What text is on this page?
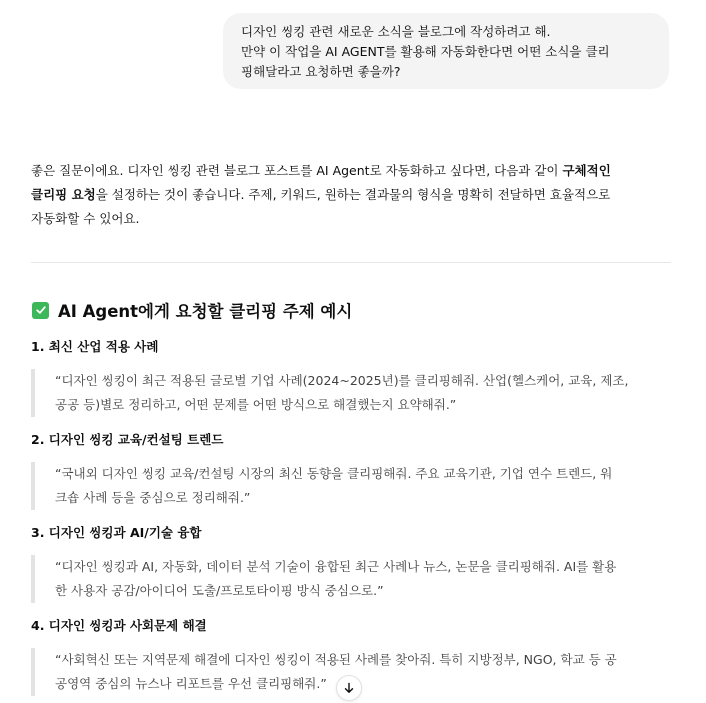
디자인 씽킹 관련 새로운 소식을 블로그에 작성하려고 해.

만약 이 작업을 AI AGENT를 활용해 자동화한다면 어떤 소식을 클리

핑해달라고 요청하면 좋을까?

좋은 질문이에요. 디자인 씽킹 관련 블로그 포스트를 AI Agent로 자동화하고 싶다면, 다음과 같이 구체적인

클리핑 요청을 설정하는 것이 좋습니다. 주제, 키워드, 원하는 결과물의 형식을 명확히 전달하면 효율적으로

자동화할 수 있어요.

AI Agent에게 요청할 클리핑 주제 예시
1. 최신 산업 적용 사례

“디자인 씽킹이 최근 적용된 글로벌 기업 사례(2024~2025년)를 클리핑해줘. 산업(헬스케어, 교육, 제조,

공공 등)별로 정리하고, 어떤 문제를 어떤 방식으로 해결했는지 요약해줘.”

2. 디자인 씽킹 교육/컨설팅 트렌드

“국내외 디자인 씽킹 교육/컨설팅 시장의 최신 동향을 클리핑해줘. 주요 교육기관, 기업 연수 트렌드, 워

크숍 사례 등을 중심으로 정리해줘.”

3. 디자인 씽킹과 AI/기술 융합

“디자인 씽킹과 AI, 자동화, 데이터 분석 기술이 융합된 최근 사례나 뉴스, 논문을 클리핑해줘. AI를 활용

한 사용자 공감/아이디어 도출/프로토타이핑 방식 중심으로.”

4. 디자인 씽킹과 사회문제 해결

“사회혁신 또는 지역문제 해결에 디자인 씽킹이 적용된 사례를 찾아줘. 특히 지방정부, NGO, 학교 등 공

공영역 중심의 뉴스나 리포트를 우선 클리핑해줘.”
